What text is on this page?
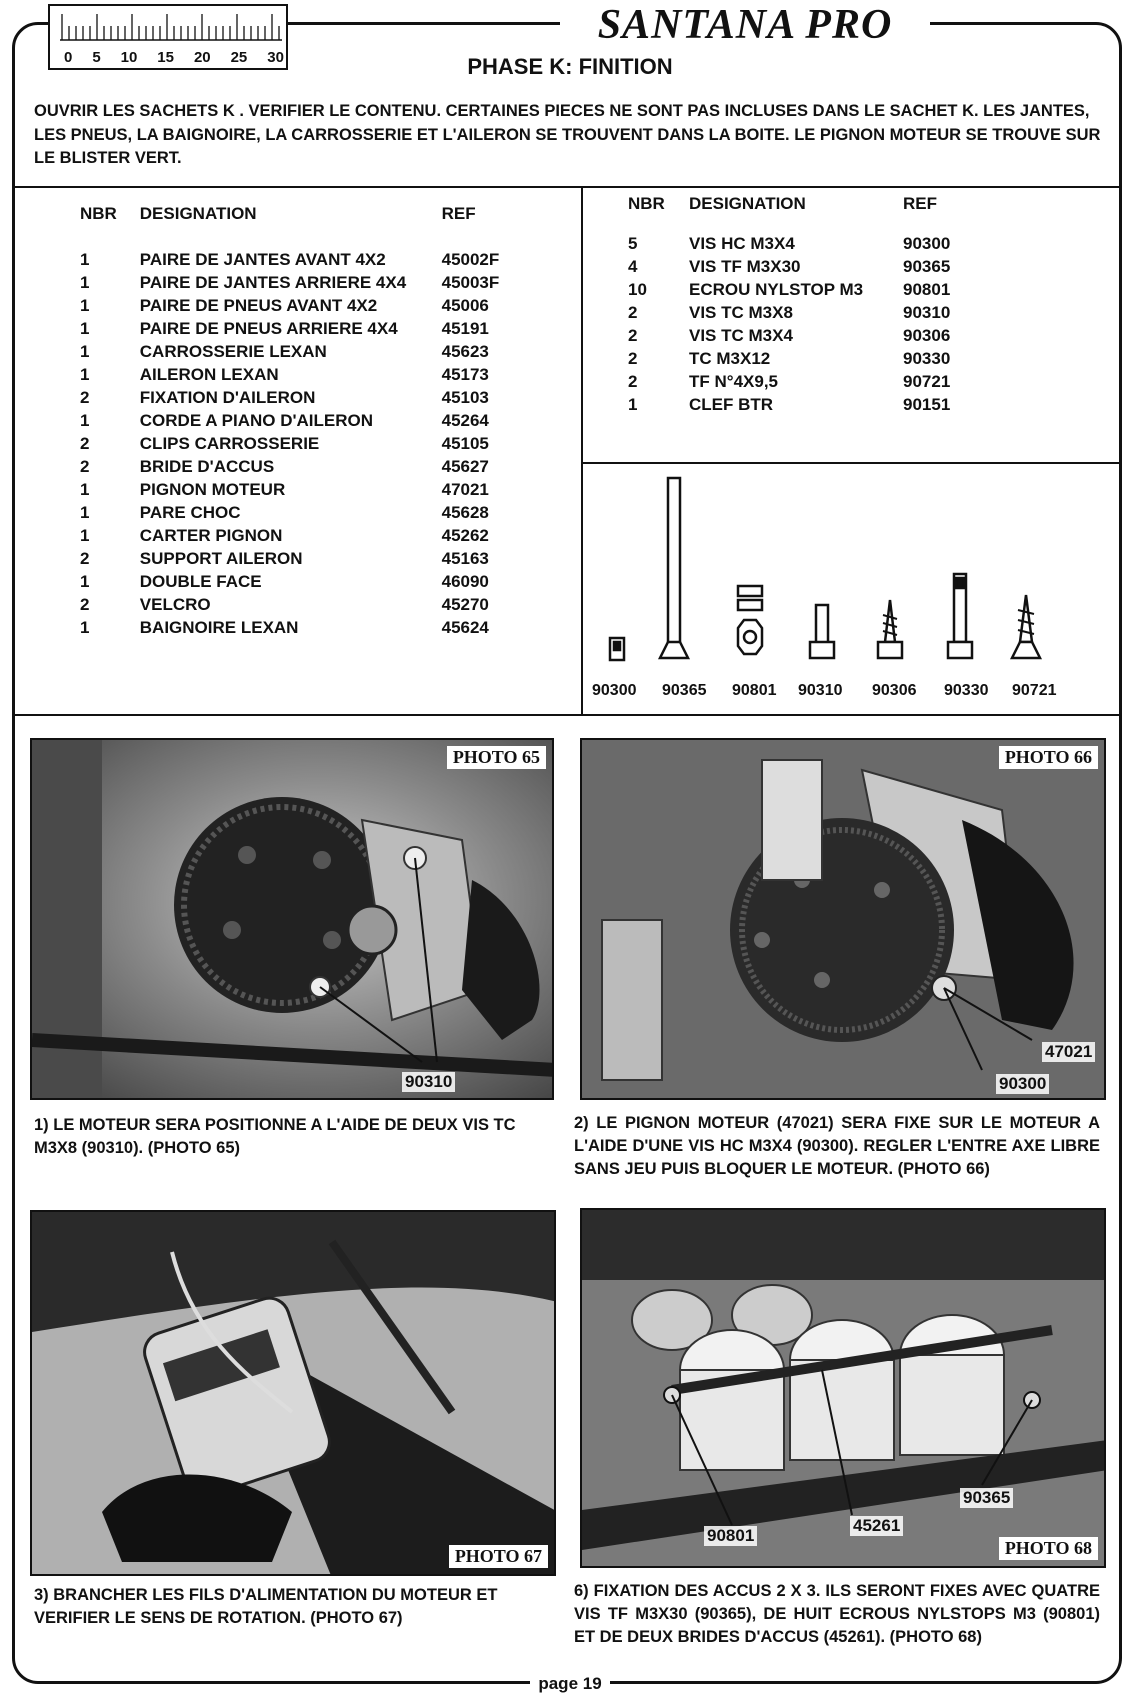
0 5 10 15 20 25 30
SANTANA PRO
PHASE K: FINITION
OUVRIR LES SACHETS K . VERIFIER LE CONTENU. CERTAINES PIECES NE SONT PAS INCLUSES DANS LE SACHET K. LES JANTES, LES PNEUS, LA BAIGNOIRE, LA CARROSSERIE ET L'AILERON SE TROUVENT DANS LA BOITE. LE PIGNON MOTEUR SE TROUVE SUR LE BLISTER VERT.
NBR	DESIGNATION	REF
1	PAIRE DE JANTES AVANT 4X2	45002F
1	PAIRE DE JANTES ARRIERE 4X4	45003F
1	PAIRE DE PNEUS AVANT 4X2	45006
1	PAIRE DE PNEUS ARRIERE 4X4	45191
1	CARROSSERIE LEXAN	45623
1	AILERON LEXAN	45173
2	FIXATION D'AILERON	45103
1	CORDE A PIANO D'AILERON	45264
2	CLIPS CARROSSERIE	45105
2	BRIDE D'ACCUS	45627
1	PIGNON MOTEUR	47021
1	PARE CHOC	45628
1	CARTER PIGNON	45262
2	SUPPORT AILERON	45163
1	DOUBLE FACE	46090
2	VELCRO	45270
1	BAIGNOIRE LEXAN	45624
NBR	DESIGNATION	REF
5	VIS HC M3X4	90300
4	VIS TF M3X30	90365
10	ECROU NYLSTOP M3	90801
2	VIS TC M3X8	90310
2	VIS TC M3X4	90306
2	TC M3X12	90330
2	TF N°4X9,5	90721
1	CLEF BTR	90151
90300 90365 90801 90310 90306 90330 90721
PHOTO 65
90310
PHOTO 66
47021
90300
1) LE MOTEUR SERA POSITIONNE A L'AIDE DE DEUX VIS TC M3X8 (90310). (PHOTO 65)
2) LE PIGNON MOTEUR (47021) SERA FIXE SUR LE MOTEUR A L'AIDE D'UNE VIS HC M3X4 (90300). REGLER L'ENTRE AXE LIBRE SANS JEU PUIS BLOQUER LE MOTEUR. (PHOTO 66)
PHOTO 67	PHOTO 68
90365
90801
45261
3) BRANCHER LES FILS D'ALIMENTATION DU MOTEUR ET VERIFIER LE SENS DE ROTATION. (PHOTO 67)
6) FIXATION DES ACCUS 2 X 3. ILS SERONT FIXES AVEC QUATRE VIS TF M3X30 (90365), DE HUIT ECROUS NYLSTOPS M3 (90801) ET DE DEUX BRIDES D'ACCUS (45261). (PHOTO 68)
page 19
